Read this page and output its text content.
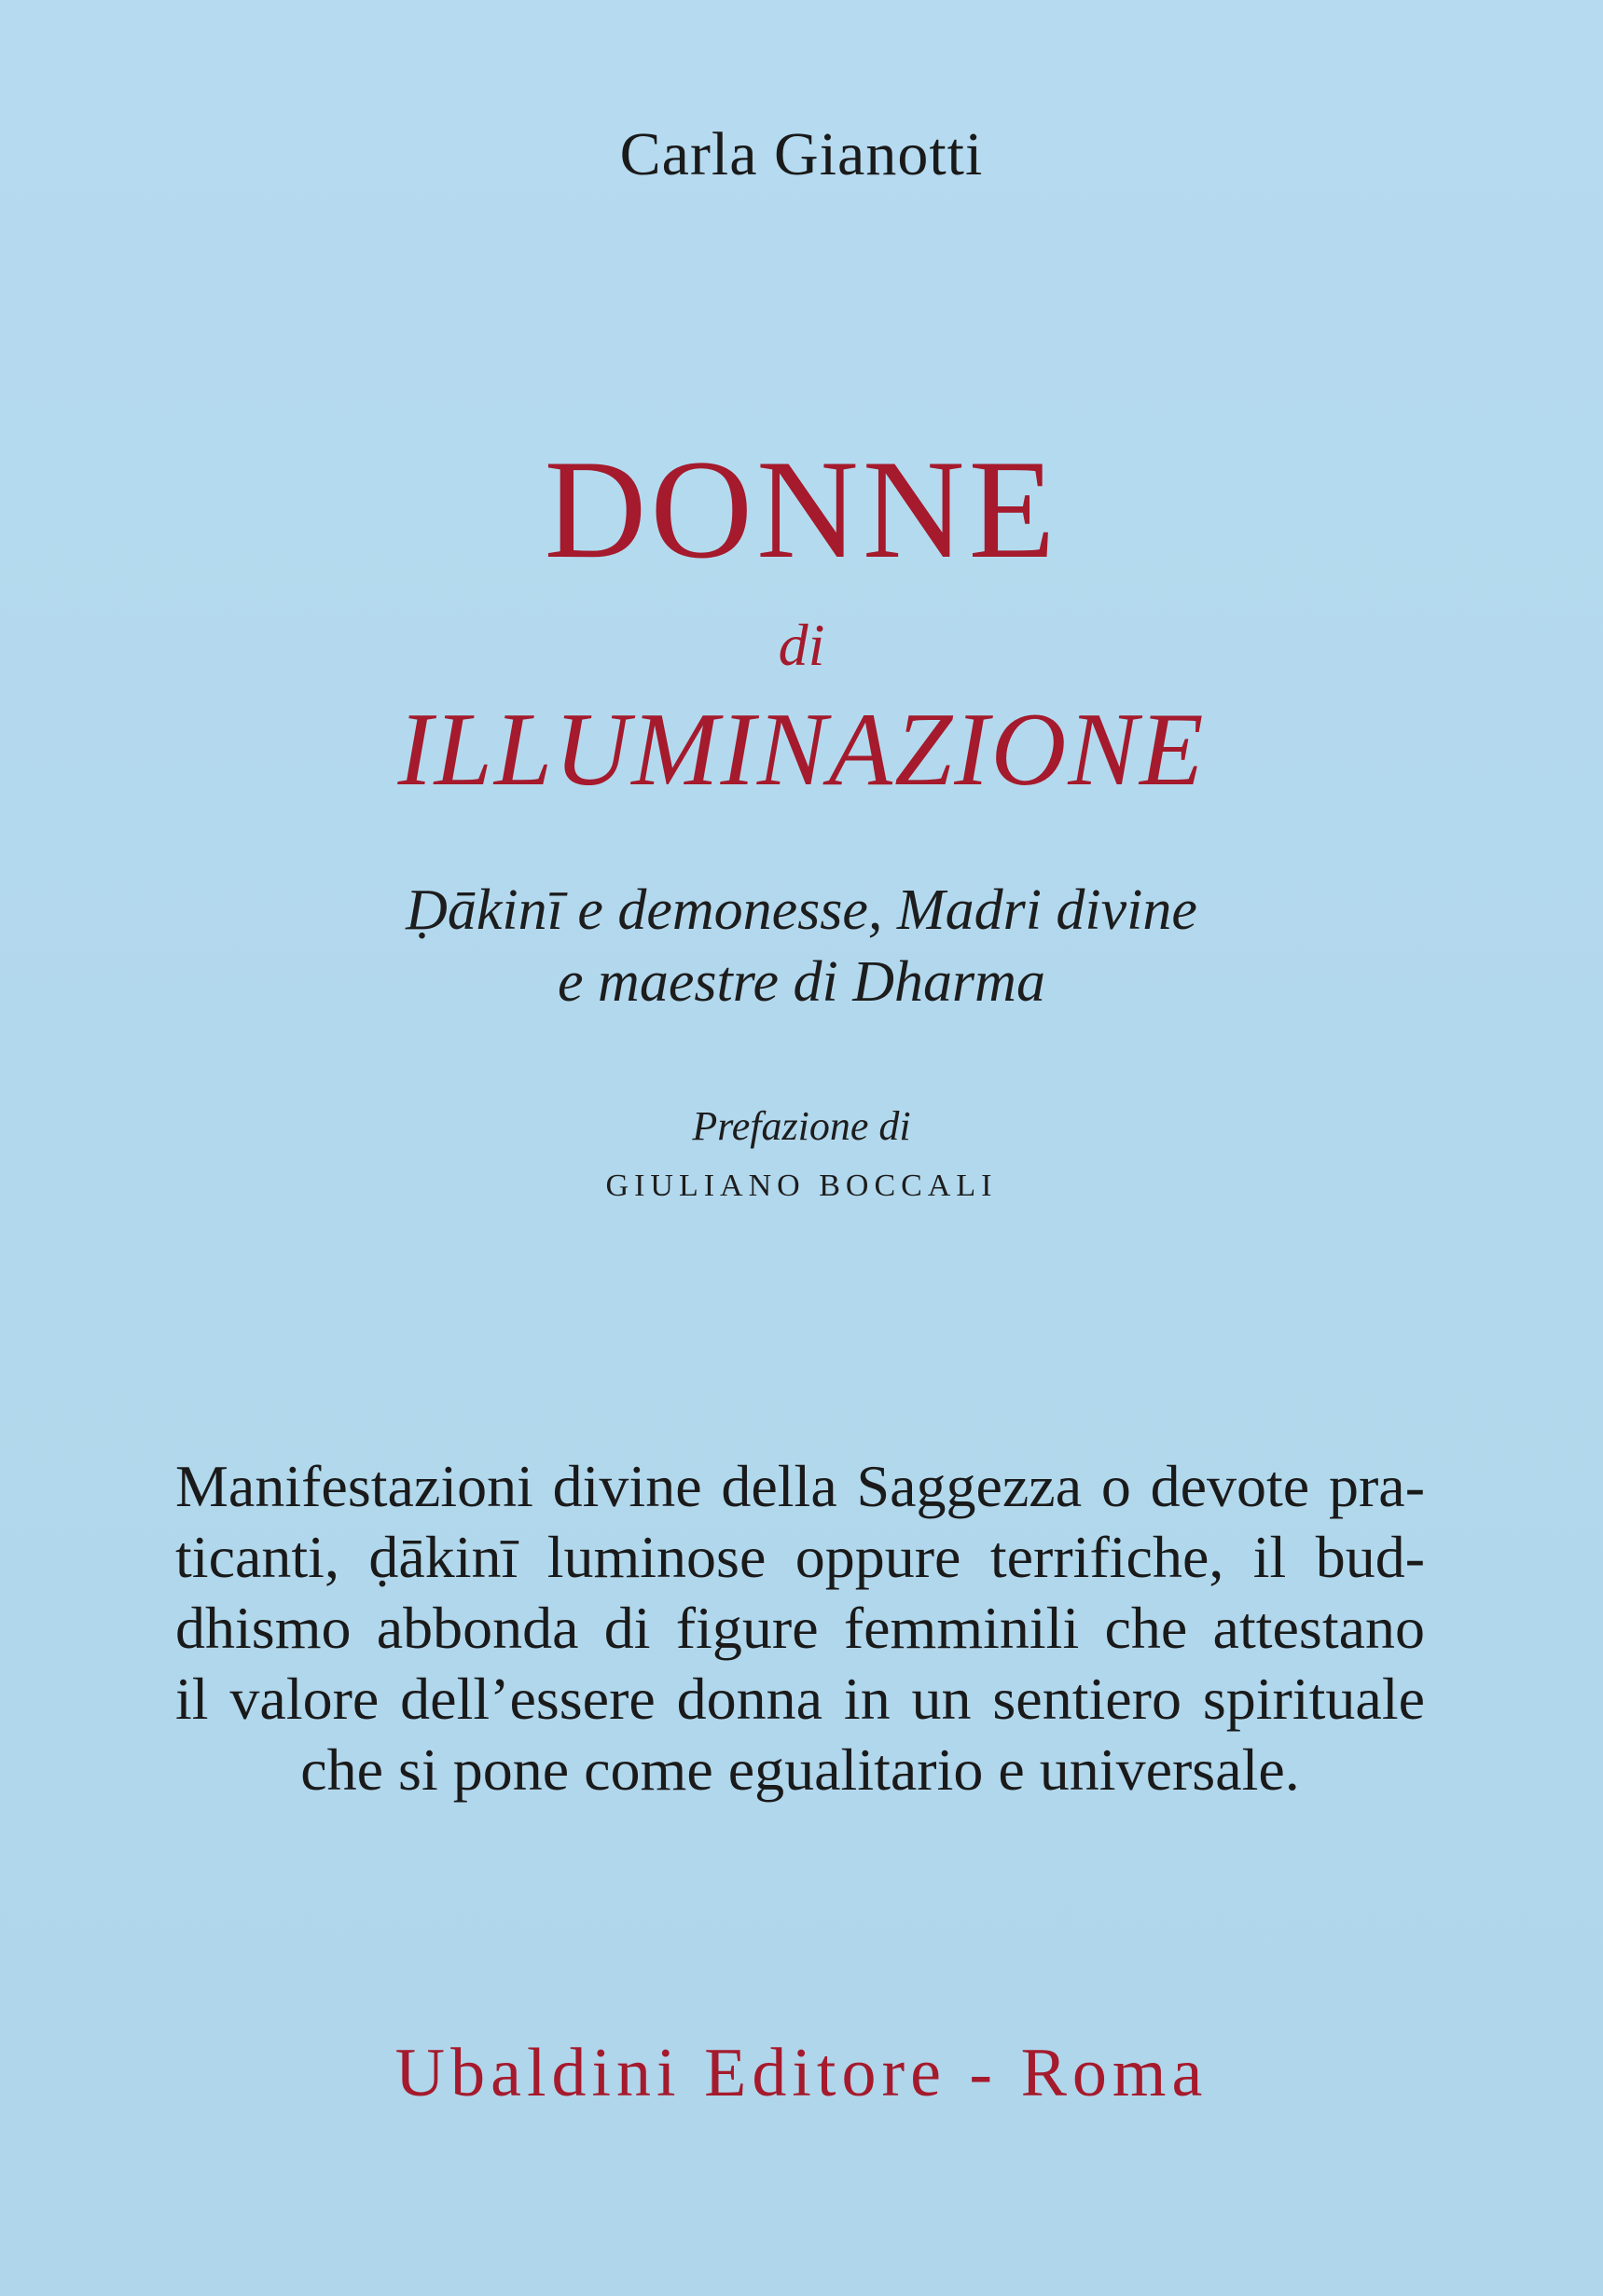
Carla Gianotti
DONNE
di
ILLUMINAZIONE
Ḍākinī e demonesse, Madri divine
e maestre di Dharma
Prefazione di
GIULIANO BOCCALI
Manifestazioni divine della Saggezza o devote pra-
ticanti, ḍākinī luminose oppure terrifiche, il bud-
dhismo abbonda di figure femminili che attestano
il valore dell’essere donna in un sentiero spirituale
che si pone come egualitario e universale.
Ubaldini Editore - Roma
